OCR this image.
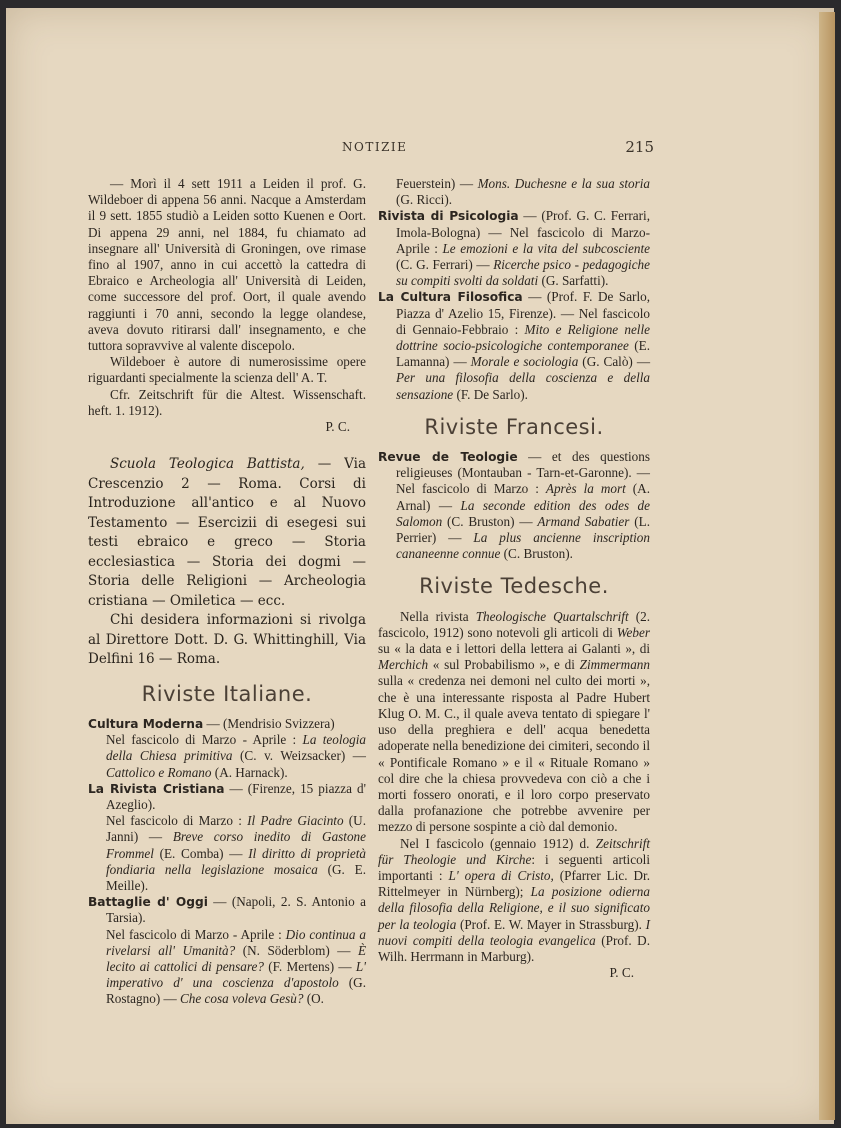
NOTIZIE	215

— Morì il 4 sett 1911 a Leiden il prof. G. Wildeboer di appena 56 anni. Nacque a Amsterdam il 9 sett. 1855 studiò a Leiden sotto Kuenen e Oort. Di appena 29 anni, nel 1884, fu chiamato ad insegnare all' Università di Groningen, ove rimase fino al 1907, anno in cui accettò la cattedra di Ebraico e Archeologia all' Università di Leiden, come successore del prof. Oort, il quale avendo raggiunti i 70 anni, secondo la legge olandese, aveva dovuto ritirarsi dall' insegnamento, e che tuttora sopravvive al valente discepolo.

Wildeboer è autore di numerosissime opere riguardanti specialmente la scienza dell' A. T.

Cfr. Zeitschrift für die Altest. Wissenschaft. heft. 1. 1912).

P. C.

Scuola Teologica Battista, — Via Crescenzio 2 — Roma. Corsi di Introduzione all'antico e al Nuovo Testamento — Esercizii di esegesi sui testi ebraico e greco — Storia ecclesiastica — Storia dei dogmi — Storia delle Religioni — Archeologia cristiana — Omiletica — ecc.

Chi desidera informazioni si rivolga al Direttore Dott. D. G. Whittinghill, Via Delfini 16 — Roma.

Riviste Italiane.

Cultura Moderna — (Mendrisio Svizzera)

Nel fascicolo di Marzo - Aprile : La teologia della Chiesa primitiva (C. v. Weizsacker) — Cattolico e Romano (A. Harnack).

La Rivista Cristiana — (Firenze, 15 piazza d' Azeglio).

Nel fascicolo di Marzo : Il Padre Giacinto (U. Janni) — Breve corso inedito di Gastone Frommel (E. Comba) — Il diritto di proprietà fondiaria nella legislazione mosaica (G. E. Meille).

Battaglie d' Oggi — (Napoli, 2. S. Antonio a Tarsia).

Nel fascicolo di Marzo - Aprile : Dio continua a rivelarsi all' Umanità? (N. Söderblom) — È lecito ai cattolici di pensare? (F. Mertens) — L' imperativo d' una coscienza d'apostolo (G. Rostagno) — Che cosa voleva Gesù? (O.

Feuerstein) — Mons. Duchesne e la sua storia (G. Ricci).

Rivista di Psicologia — (Prof. G. C. Ferrari, Imola-Bologna) — Nel fascicolo di Marzo-Aprile : Le emozioni e la vita del subcosciente (C. G. Ferrari) — Ricerche psico - pedagogiche su compiti svolti da soldati (G. Sarfatti).

La Cultura Filosofica — (Prof. F. De Sarlo, Piazza d' Azelio 15, Firenze). — Nel fascicolo di Gennaio-Febbraio : Mito e Religione nelle dottrine socio-psicologiche contemporanee (E. Lamanna) — Morale e sociologia (G. Calò) — Per una filosofia della coscienza e della sensazione (F. De Sarlo).

Riviste Francesi.

Revue de Teologie — et des questions religieuses (Montauban - Tarn-et-Garonne). — Nel fascicolo di Marzo : Après la mort (A. Arnal) — La seconde edition des odes de Salomon (C. Bruston) — Armand Sabatier (L. Perrier) — La plus ancienne inscription cananeenne connue (C. Bruston).

Riviste Tedesche.

Nella rivista Theologische Quartalschrift (2. fascicolo, 1912) sono notevoli gli articoli di Weber su « la data e i lettori della lettera ai Galanti », di Merchich « sul Probabilismo », e di Zimmermann sulla « credenza nei demoni nel culto dei morti », che è una interessante risposta al Padre Hubert Klug O. M. C., il quale aveva tentato di spiegare l' uso della preghiera e dell' acqua benedetta adoperate nella benedizione dei cimiteri, secondo il « Pontificale Romano » e il « Rituale Romano » col dire che la chiesa provvedeva con ciò a che i morti fossero onorati, e il loro corpo preservato dalla profanazione che potrebbe avvenire per mezzo di persone sospinte a ciò dal demonio.

Nel I fascicolo (gennaio 1912) d. Zeitschrift für Theologie und Kirche: i seguenti articoli importanti : L' opera di Cristo, (Pfarrer Lic. Dr. Rittelmeyer in Nürnberg); La posizione odierna della filosofia della Religione, e il suo significato per la teologia (Prof. E. W. Mayer in Strassburg). I nuovi compiti della teologia evangelica (Prof. D. Wilh. Herrmann in Marburg).

P. C.
